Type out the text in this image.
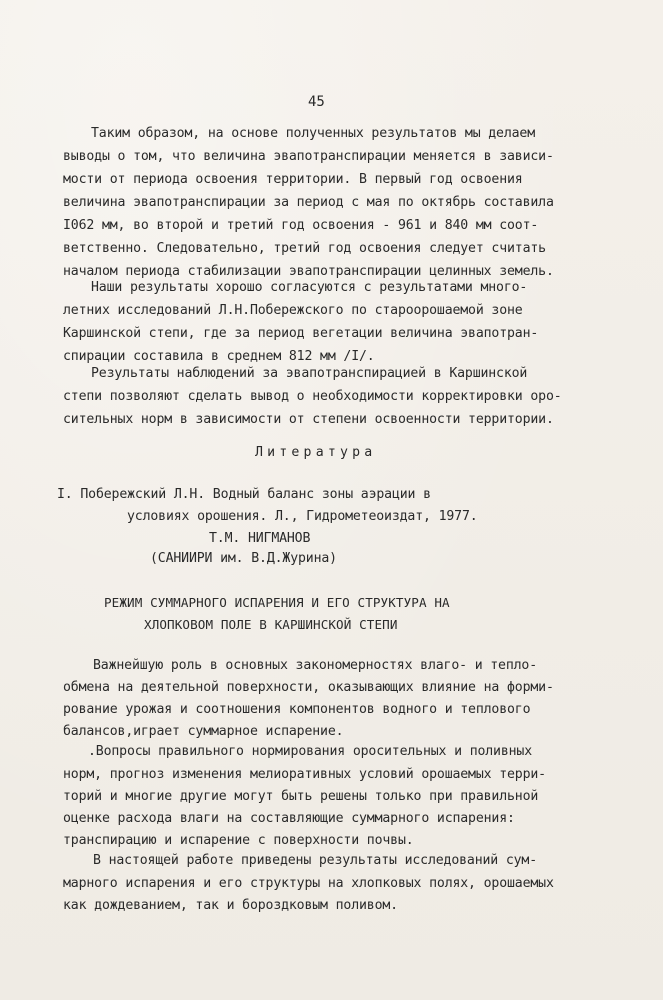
45
Таким образом, на основе полученных результатов мы делаем
выводы о том, что величина эвапотранспирации меняется в зависи-
мости от периода освоения территории. В первый год освоения
величина эвапотранспирации за период с мая по октябрь составила
I062 мм, во второй и третий год освоения - 961 и 840 мм соот-
ветственно. Следовательно, третий год освоения следует считать
началом периода стабилизации эвапотранспирации целинных земель.
Наши результаты хорошо согласуются с результатами много-
летних исследований Л.Н.Побережского по староорошаемой зоне
Каршинской степи, где за период вегетации величина эвапотран-
спирации составила в среднем 812 мм /I/.
Результаты наблюдений за эвапотранспирацией в Каршинской
степи позволяют сделать вывод о необходимости корректировки оро-
сительных норм в зависимости от степени освоенности территории.
Литература
I. Побережский Л.Н. Водный баланс зоны аэрации в
условиях орошения. Л., Гидрометеоиздат, 1977.
Т.М. НИГМАНОВ
(САНИИРИ им. В.Д.Журина)
РЕЖИМ СУММАРНОГО ИСПАРЕНИЯ И ЕГО СТРУКТУРА НА
ХЛОПКОВОМ ПОЛЕ В КАРШИНСКОЙ СТЕПИ
Важнейшую роль в основных закономерностях влаго- и тепло-
обмена на деятельной поверхности, оказывающих влияние на форми-
рование урожая и соотношения компонентов водного и теплового
балансов,играет суммарное испарение.
.Вопросы правильного нормирования оросительных и поливных
норм, прогноз изменения мелиоративных условий орошаемых терри-
торий и многие другие могут быть решены только при правильной
оценке расхода влаги на составляющие суммарного испарения:
транспирацию и испарение с поверхности почвы.
В настоящей работе приведены результаты исследований сум-
марного испарения и его структуры на хлопковых полях, орошаемых
как дождеванием, так и бороздковым поливом.
